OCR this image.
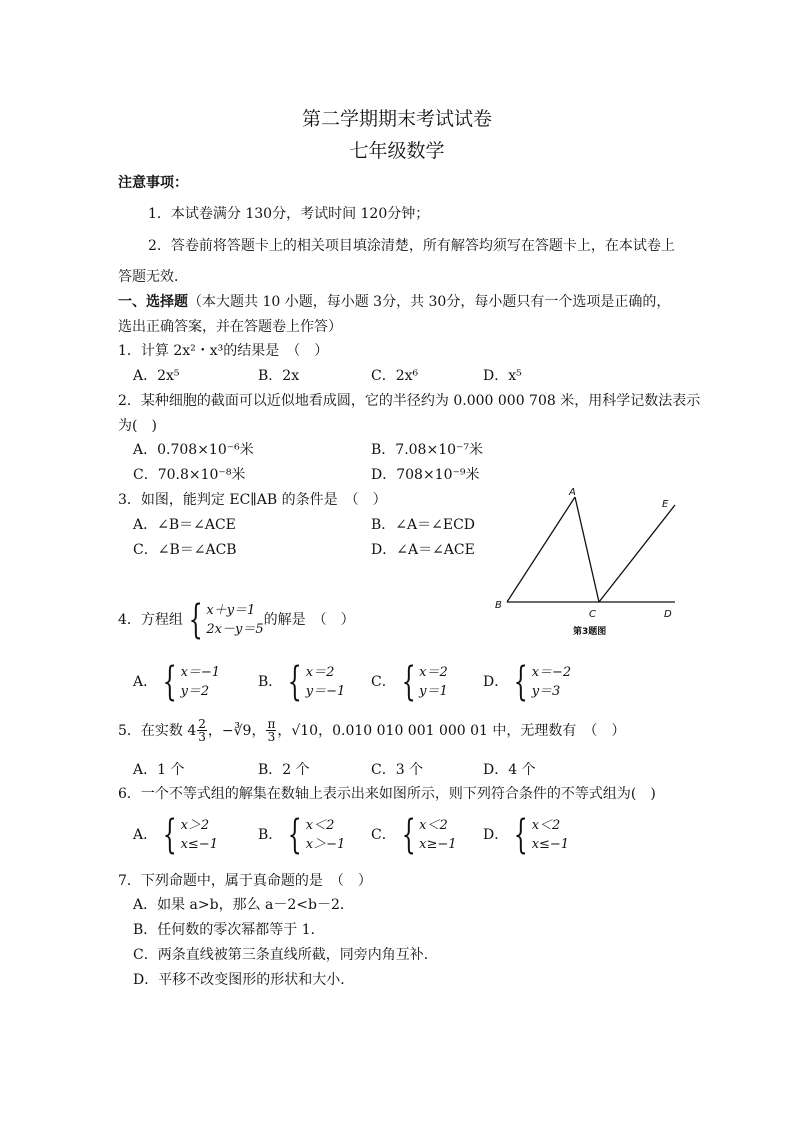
第二学期期末考试试卷
七年级数学
注意事项：
1．本试卷满分 130分，考试时间 120分钟；
2．答卷前将答题卡上的相关项目填涂清楚，所有解答均须写在答题卡上，在本试卷上
答题无效．
一、选择题（本大题共 10 小题，每小题 3分，共 30分，每小题只有一个选项是正确的，
选出正确答案，并在答题卷上作答）
1．计算 2x²・x³的结果是　（　）
A．2x⁵	B．2x	C．2x⁶	D．x⁵
2．某种细胞的截面可以近似地看成圆，它的半径约为 0.000 000 708 米，用科学记数法表示
为(　)
A．0.708×10⁻⁶米	B．7.08×10⁻⁷米
C．70.8×10⁻⁸米	D．708×10⁻⁹米
3．如图，能判定 EC∥AB 的条件是　（　）
A．∠B＝∠ACE	B．∠A＝∠ECD
C．∠B＝∠ACB	D．∠A＝∠ACE
A
B
C	D
E
第3题图
4．方程组 { x＋y＝1
2x－y＝5
的解是　（　）
A． { x＝−1
y＝2
B． { x＝2
y＝−1
C． { x＝2
y＝1
D． { x＝−2
y＝3
5．在实数 $4 \frac{2}{3}$ ，−∛9， $\frac{\pi}{3}$ ，√10，0.010 010 001 000 01 中，无理数有　（　）
A．1 个	B．2 个	C．3 个	D．4 个
6．一个不等式组的解集在数轴上表示出来如图所示，则下列符合条件的不等式组为(　)
A． { x＞2
x≤−1
B． { x＜2
x＞−1
C． { x＜2
x≥−1
D． { x＜2
x≤−1
7．下列命题中，属于真命题的是　（　）
A．如果 a>b，那么 a－2<b－2．
B．任何数的零次幂都等于 1．
C．两条直线被第三条直线所截，同旁内角互补．
D．平移不改变图形的形状和大小．
